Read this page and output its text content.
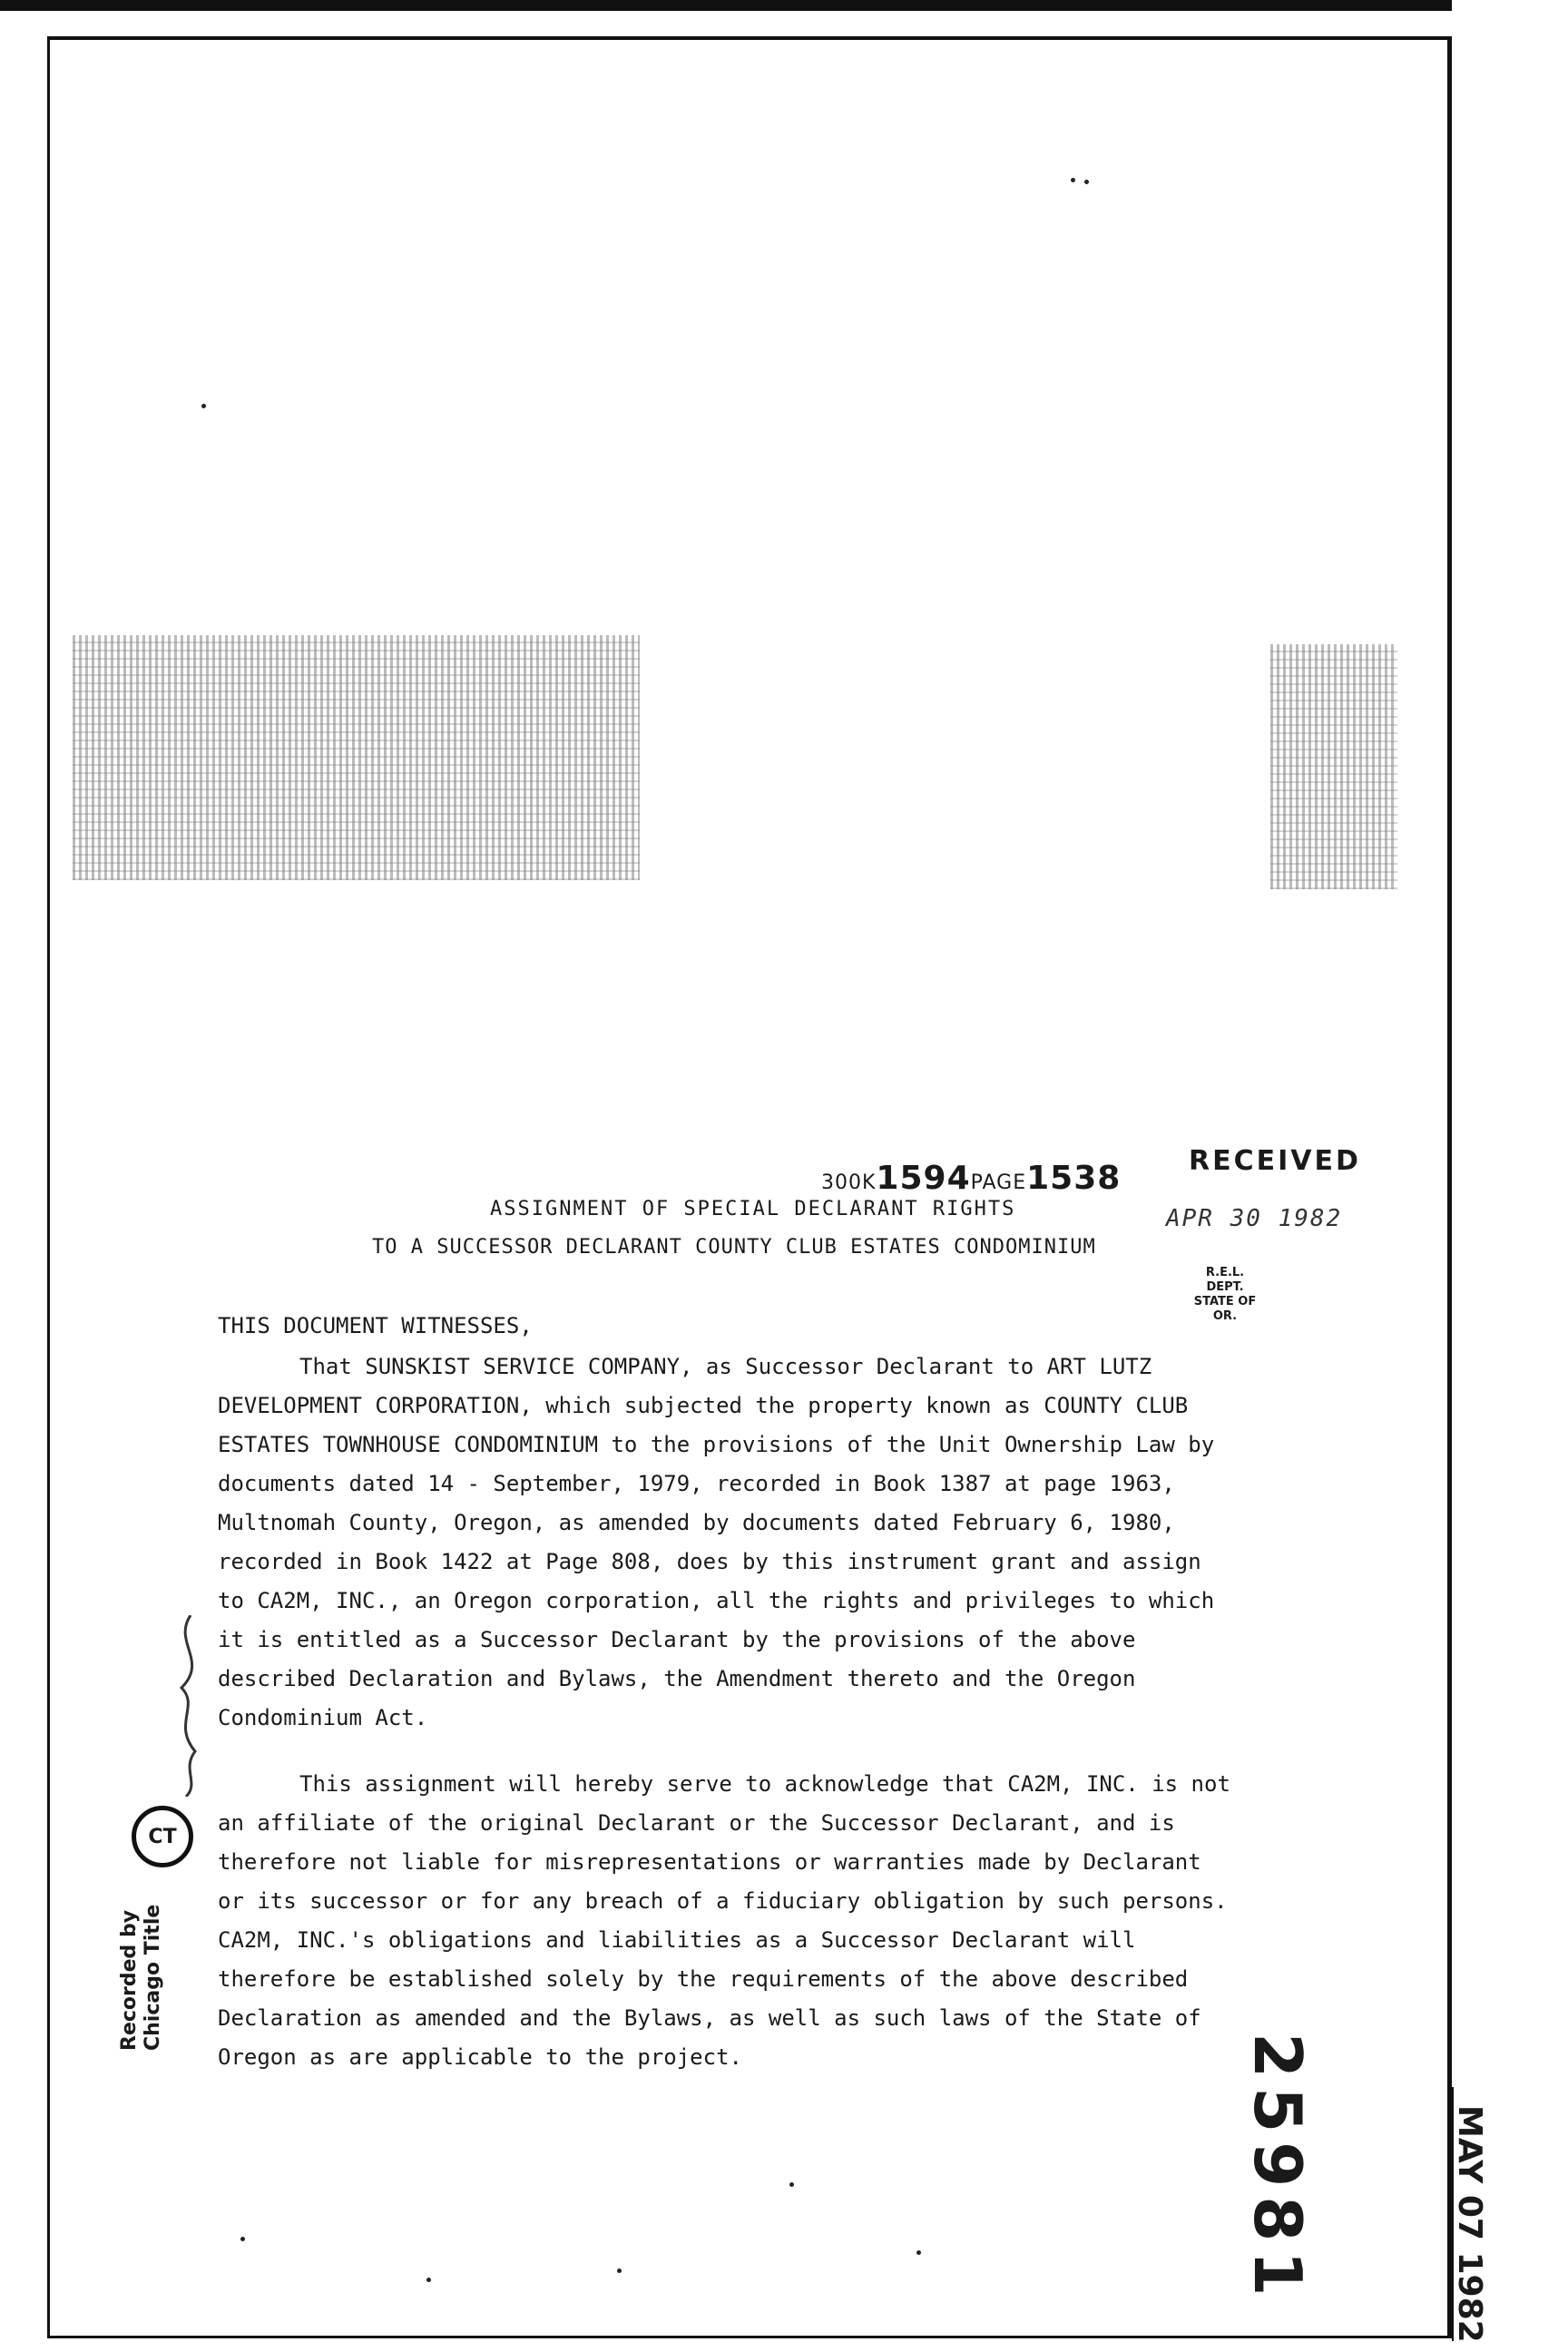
300K1594PAGE1538
ASSIGNMENT OF SPECIAL DECLARANT RIGHTS
TO A SUCCESSOR DECLARANT COUNTY CLUB ESTATES CONDOMINIUM
RECEIVED
APR 30 1982
R.E.L. DEPT.
STATE OF OR.

THIS DOCUMENT WITNESSES,

That SUNSKIST SERVICE COMPANY, as Successor Declarant to ART LUTZ DEVELOPMENT CORPORATION, which subjected the property known as COUNTY CLUB ESTATES TOWNHOUSE CONDOMINIUM to the provisions of the Unit Ownership Law by documents dated 14 - September, 1979, recorded in Book 1387 at page 1963, Multnomah County, Oregon, as amended by documents dated February 6, 1980, recorded in Book 1422 at Page 808, does by this instrument grant and assign to CA2M, INC., an Oregon corporation, all the rights and privileges to which it is entitled as a Successor Declarant by the provisions of the above described Declaration and Bylaws, the Amendment thereto and the Oregon Condominium Act.

This assignment will hereby serve to acknowledge that CA2M, INC. is not an affiliate of the original Declarant or the Successor Declarant, and is therefore not liable for misrepresentations or warranties made by Declarant or its successor or for any breach of a fiduciary obligation by such persons. CA2M, INC.'s obligations and liabilities as a Successor Declarant will therefore be established solely by the requirements of the above described Declaration as amended and the Bylaws, as well as such laws of the State of Oregon as are applicable to the project.

CT
Recorded by Chicago Title
25981	MAY 07 1982
